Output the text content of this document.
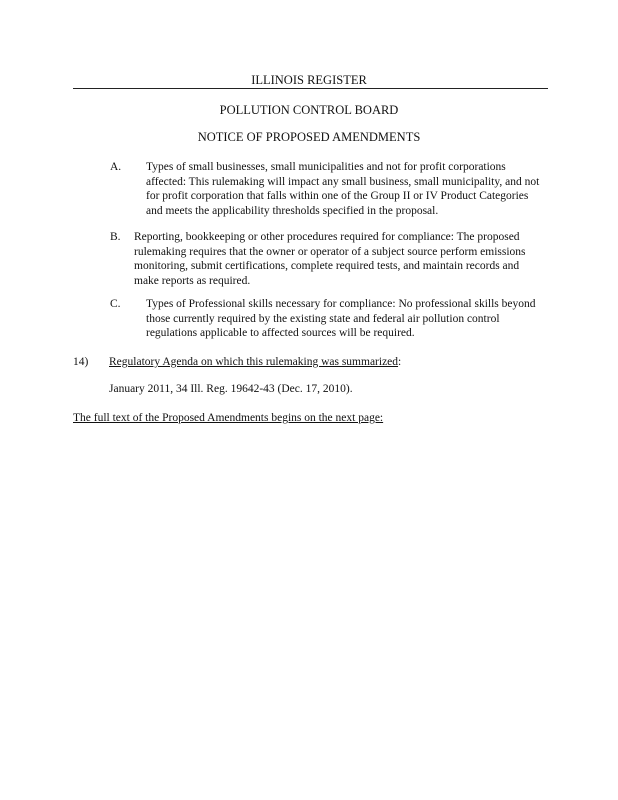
ILLINOIS REGISTER
POLLUTION CONTROL BOARD
NOTICE OF PROPOSED AMENDMENTS
A. Types of small businesses, small municipalities and not for profit corporations affected: This rulemaking will impact any small business, small municipality, and not for profit corporation that falls within one of the Group II or IV Product Categories and meets the applicability thresholds specified in the proposal.
B. Reporting, bookkeeping or other procedures required for compliance: The proposed rulemaking requires that the owner or operator of a subject source perform emissions monitoring, submit certifications, complete required tests, and maintain records and make reports as required.
C. Types of Professional skills necessary for compliance: No professional skills beyond those currently required by the existing state and federal air pollution control regulations applicable to affected sources will be required.
14) Regulatory Agenda on which this rulemaking was summarized:
January 2011, 34 Ill. Reg. 19642-43 (Dec. 17, 2010).
The full text of the Proposed Amendments begins on the next page:
